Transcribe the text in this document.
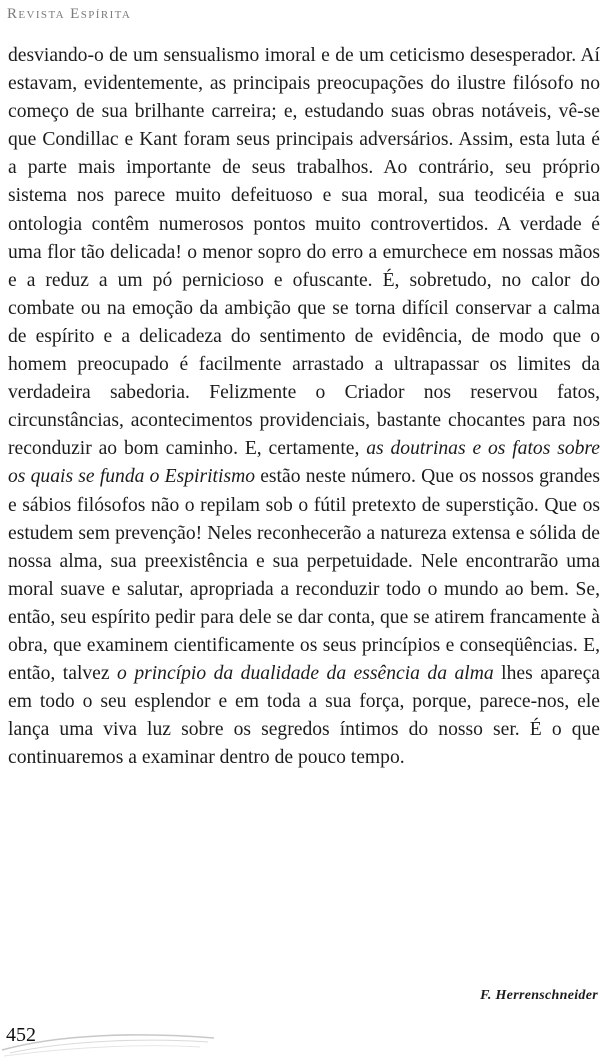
Revista Espírita

desviando-o de um sensualismo imoral e de um ceticismo desesperador. Aí estavam, evidentemente, as principais preocupações do ilustre filósofo no começo de sua brilhante carreira; e, estudando suas obras notáveis, vê-se que Condillac e Kant foram seus principais adversários. Assim, esta luta é a parte mais importante de seus trabalhos. Ao contrário, seu próprio sistema nos parece muito defeituoso e sua moral, sua teodicéia e sua ontologia contêm numerosos pontos muito controvertidos. A verdade é uma flor tão delicada! o menor sopro do erro a emurchece em nossas mãos e a reduz a um pó pernicioso e ofuscante. É, sobretudo, no calor do combate ou na emoção da ambição que se torna difícil conservar a calma de espírito e a delicadeza do sentimento de evidência, de modo que o homem preocupado é facilmente arrastado a ultrapassar os limites da verdadeira sabedoria. Felizmente o Criador nos reservou fatos, circunstâncias, acontecimentos providenciais, bastante chocantes para nos reconduzir ao bom caminho. E, certamente, as doutrinas e os fatos sobre os quais se funda o Espiritismo estão neste número. Que os nossos grandes e sábios filósofos não o repilam sob o fútil pretexto de superstição. Que os estudem sem prevenção! Neles reconhecerão a natureza extensa e sólida de nossa alma, sua preexistência e sua perpetuidade. Nele encontrarão uma moral suave e salutar, apropriada a reconduzir todo o mundo ao bem. Se, então, seu espírito pedir para dele se dar conta, que se atirem francamente à obra, que examinem cientificamente os seus princípios e conseqüências. E, então, talvez o princípio da dualidade da essência da alma lhes apareça em todo o seu esplendor e em toda a sua força, porque, parece-nos, ele lança uma viva luz sobre os segredos íntimos do nosso ser. É o que continuaremos a examinar dentro de pouco tempo.

F. Herrenschneider
452
